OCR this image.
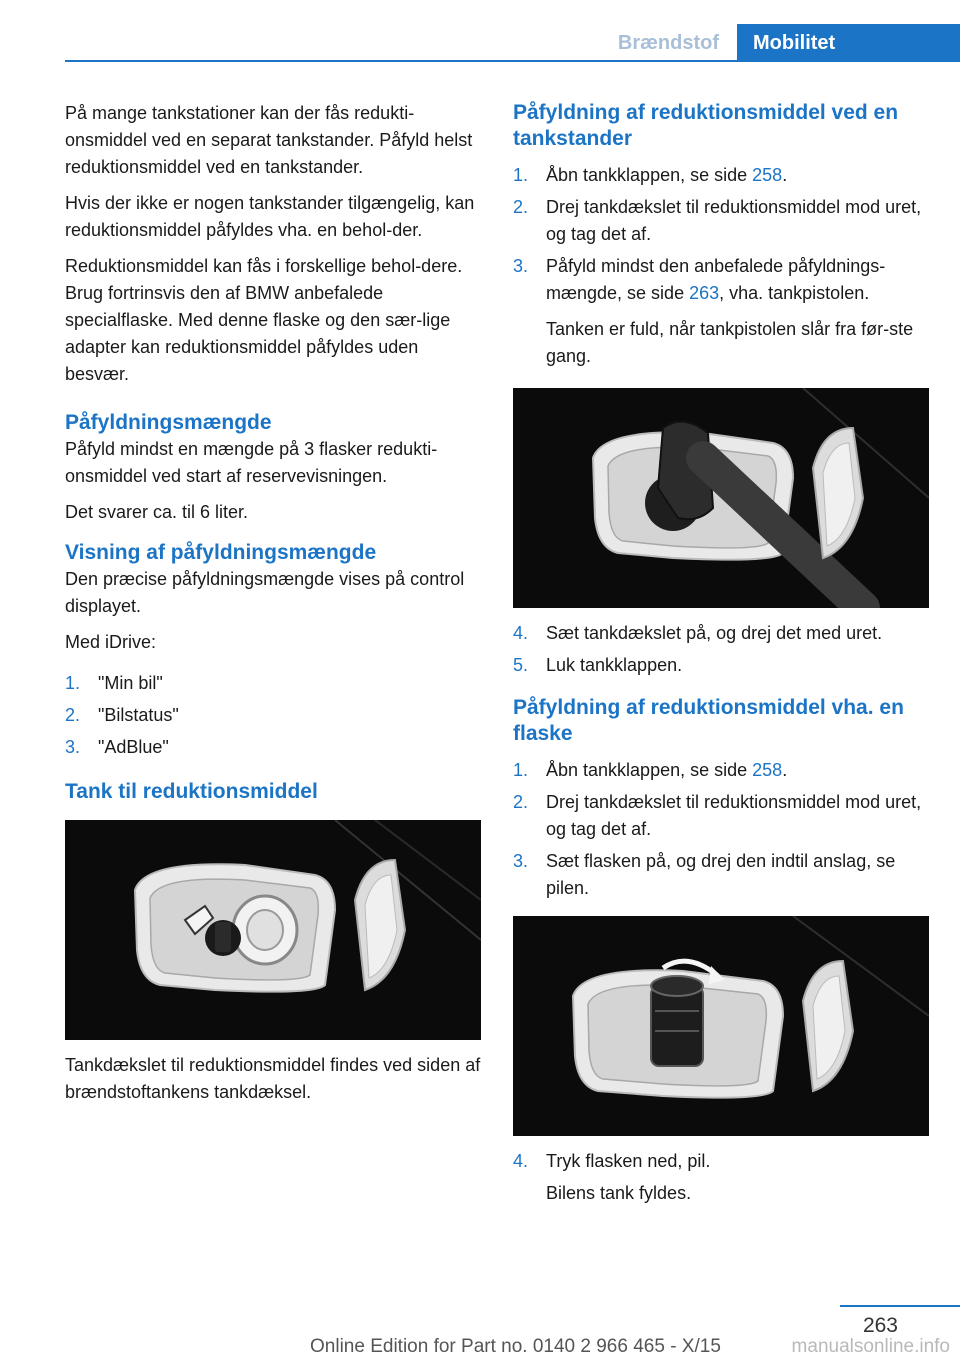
Brændstof	Mobilitet

På mange tankstationer kan der fås redukti-onsmiddel ved en separat tankstander. Påfyld helst reduktionsmiddel ved en tankstander.

Hvis der ikke er nogen tankstander tilgængelig, kan reduktionsmiddel påfyldes vha. en behol-der.

Reduktionsmiddel kan fås i forskellige behol-dere. Brug fortrinsvis den af BMW anbefalede specialflaske. Med denne flaske og den sær-lige adapter kan reduktionsmiddel påfyldes uden besvær.

Påfyldningsmængde

Påfyld mindst en mængde på 3 flasker redukti-onsmiddel ved start af reservevisningen.

Det svarer ca. til 6 liter.

Visning af påfyldningsmængde

Den præcise påfyldningsmængde vises på control displayet.

Med iDrive:

1. "Min bil"
2. "Bilstatus"
3. "AdBlue"
Tank til reduktionsmiddel

Tankdækslet til reduktionsmiddel findes ved siden af brændstoftankens tankdæksel.

Påfyldning af reduktionsmiddel ved en tankstander
1. Åbn tankklappen, se side 258.
2. Drej tankdækslet til reduktionsmiddel mod uret, og tag det af.
3. Påfyld mindst den anbefalede påfyldnings-mængde, se side 263, vha. tankpistolen.

Tanken er fuld, når tankpistolen slår fra før-ste gang.

4. Sæt tankdækslet på, og drej det med uret.
5. Luk tankklappen.
Påfyldning af reduktionsmiddel vha. en flaske
1. Åbn tankklappen, se side 258.
2. Drej tankdækslet til reduktionsmiddel mod uret, og tag det af.
3. Sæt flasken på, og drej den indtil anslag, se pilen.
4. Tryk flasken ned, pil.

Bilens tank fyldes.

263
Online Edition for Part no. 0140 2 966 465 - X/15	manualsonline.info
